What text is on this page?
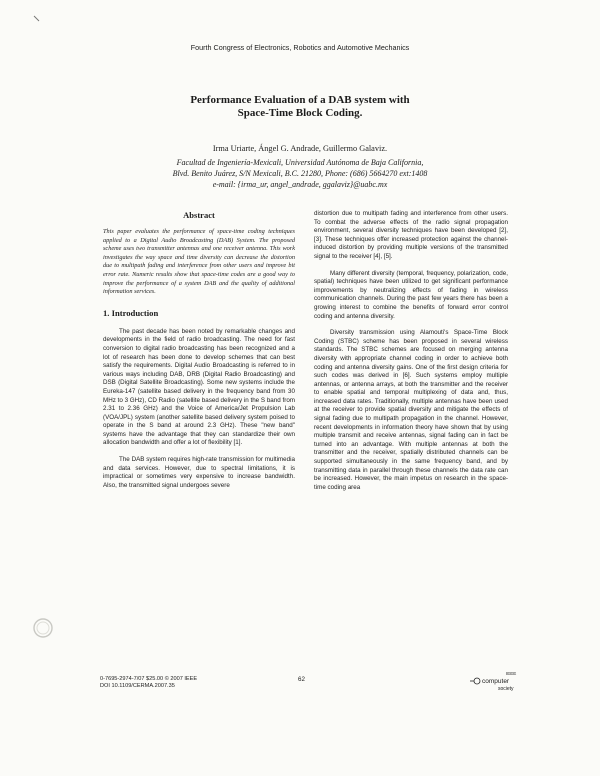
Fourth Congress of Electronics, Robotics and Automotive Mechanics
Performance Evaluation of a DAB system with
Space-Time Block Coding.
Irma Uriarte, Ángel G. Andrade, Guillermo Galaviz.
Facultad de Ingeniería-Mexicali, Universidad Autónoma de Baja California,
Blvd. Benito Juárez, S/N Mexicali, B.C. 21280, Phone: (686) 5664270 ext:1408
e-mail: {irma_ur, angel_andrade, ggalaviz}@uabc.mx
Abstract

This paper evaluates the performance of space-time coding techniques applied to a Digital Audio Broadcasting (DAB) System. The proposed scheme uses two transmitter antennas and one receiver antenna. This work investigates the way space and time diversity can decrease the distortion due to multipath fading and interference from other users and improve bit error rate. Numeric results show that space-time codes are a good way to improve the performance of a system DAB and the quality of additional information services.

1. Introduction

The past decade has been noted by remarkable changes and developments in the field of radio broadcasting. The need for fast conversion to digital radio broadcasting has been recognized and a lot of research has been done to develop schemes that can best satisfy the requirements. Digital Audio Broadcasting is referred to in various ways including DAB, DRB (Digital Radio Broadcasting) and DSB (Digital Satellite Broadcasting). Some new systems include the Eureka-147 (satellite based delivery in the frequency band from 30 MHz to 3 GHz), CD Radio (satellite based delivery in the S band from 2.31 to 2.36 GHz) and the Voice of America/Jet Propulsion Lab (VOA/JPL) system (another satellite based delivery system poised to operate in the S band at around 2.3 GHz). These "new band" systems have the advantage that they can standardize their own allocation bandwidth and offer a lot of flexibility [1].

The DAB system requires high-rate transmission for multimedia and data services. However, due to spectral limitations, it is impractical or sometimes very expensive to increase bandwidth. Also, the transmitted signal undergoes severe

distortion due to multipath fading and interference from other users. To combat the adverse effects of the radio signal propagation environment, several diversity techniques have been developed [2], [3]. These techniques offer increased protection against the channel-induced distortion by providing multiple versions of the transmitted signal to the receiver [4], [5].

Many different diversity (temporal, frequency, polarization, code, spatial) techniques have been utilized to get significant performance improvements by neutralizing effects of fading in wireless communication channels. During the past few years there has been a growing interest to combine the benefits of forward error control coding and antenna diversity.

Diversity transmission using Alamouti's Space-Time Block Coding (STBC) scheme has been proposed in several wireless standards. The STBC schemes are focused on merging antenna diversity with appropriate channel coding in order to achieve both coding and antenna diversity gains. One of the first design criteria for such codes was derived in [6]. Such systems employ multiple antennas, or antenna arrays, at both the transmitter and the receiver to enable spatial and temporal multiplexing of data and, thus, increased data rates. Traditionally, multiple antennas have been used at the receiver to provide spatial diversity and mitigate the effects of signal fading due to multipath propagation in the channel. However, recent developments in information theory have shown that by using multiple transmit and receive antennas, signal fading can in fact be turned into an advantage. With multiple antennas at both the transmitter and the receiver, spatially distributed channels can be supported simultaneously in the same frequency band, and by transmitting data in parallel through these channels the data rate can be increased. However, the main impetus on research in the space-time coding area

0-7695-2974-7/07 $25.00 © 2007 IEEE
DOI 10.1109/CERMA.2007.35
62
IEEE
computer
society
